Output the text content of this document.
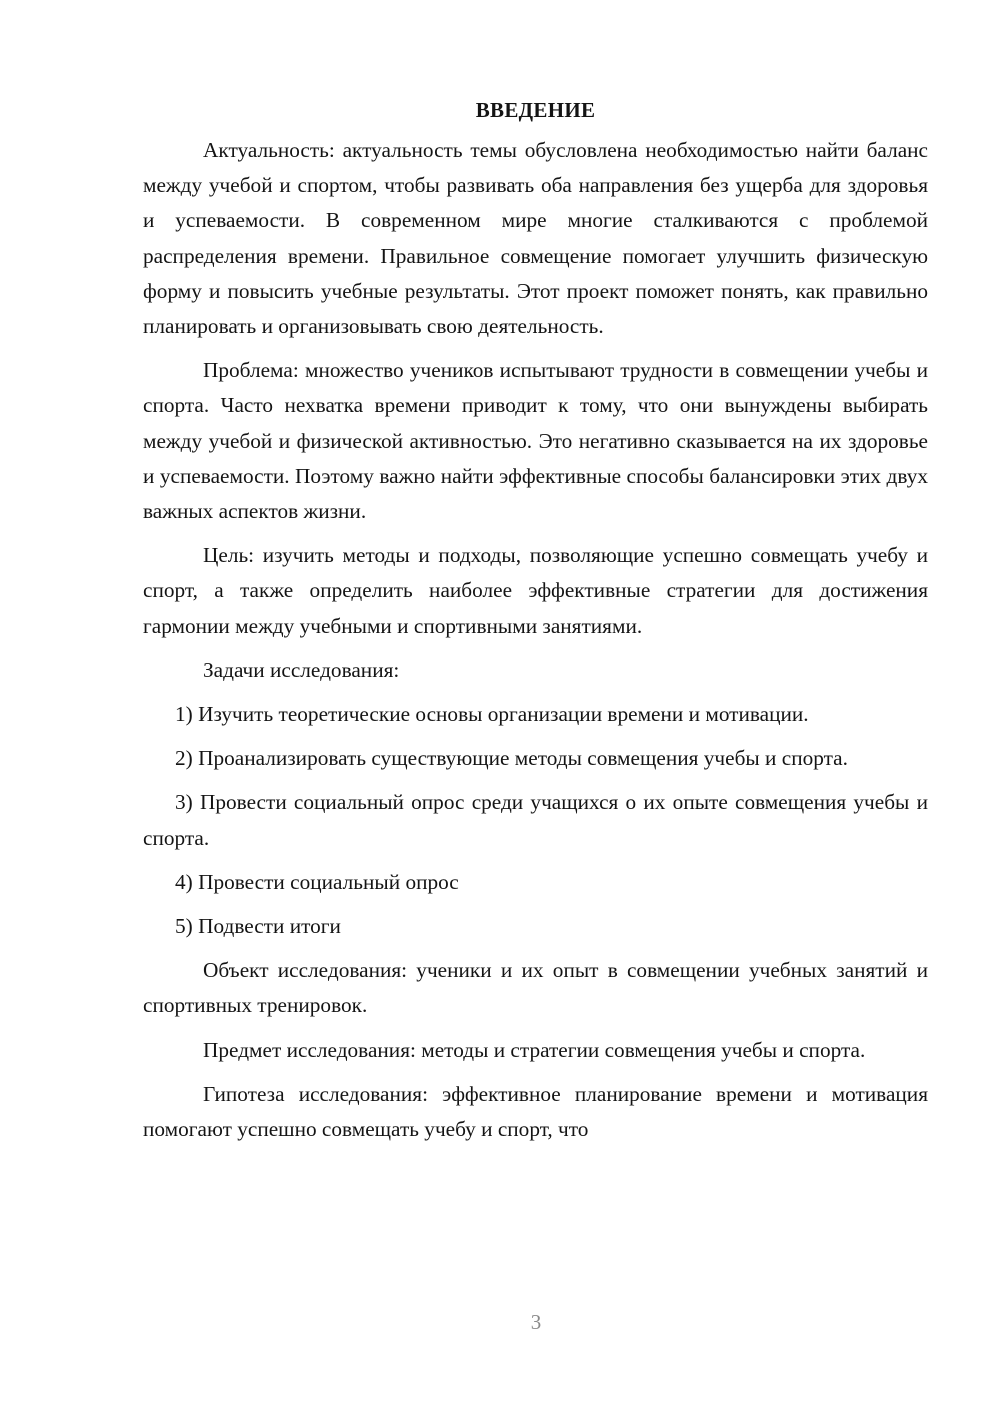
ВВЕДЕНИЕ

Актуальность: актуальность темы обусловлена необходимостью найти баланс между учебой и спортом, чтобы развивать оба направления без ущерба для здоровья и успеваемости. В современном мире многие сталкиваются с проблемой распределения времени. Правильное совмещение помогает улучшить физическую форму и повысить учебные результаты. Этот проект поможет понять, как правильно планировать и организовывать свою деятельность.

Проблема: множество учеников испытывают трудности в совмещении учебы и спорта. Часто нехватка времени приводит к тому, что они вынуждены выбирать между учебой и физической активностью. Это негативно сказывается на их здоровье и успеваемости. Поэтому важно найти эффективные способы балансировки этих двух важных аспектов жизни.

Цель: изучить методы и подходы, позволяющие успешно совмещать учебу и спорт, а также определить наиболее эффективные стратегии для достижения гармонии между учебными и спортивными занятиями.

Задачи исследования:

1) Изучить теоретические основы организации времени и мотивации.

2) Проанализировать существующие методы совмещения учебы и спорта.

3) Провести социальный опрос среди учащихся о их опыте совмещения учебы и спорта.

4) Провести социальный опрос

5) Подвести итоги

Объект исследования: ученики и их опыт в совмещении учебных занятий и спортивных тренировок.

Предмет исследования: методы и стратегии совмещения учебы и спорта.

Гипотеза исследования: эффективное планирование времени и мотивация помогают успешно совмещать учебу и спорт, что

3
